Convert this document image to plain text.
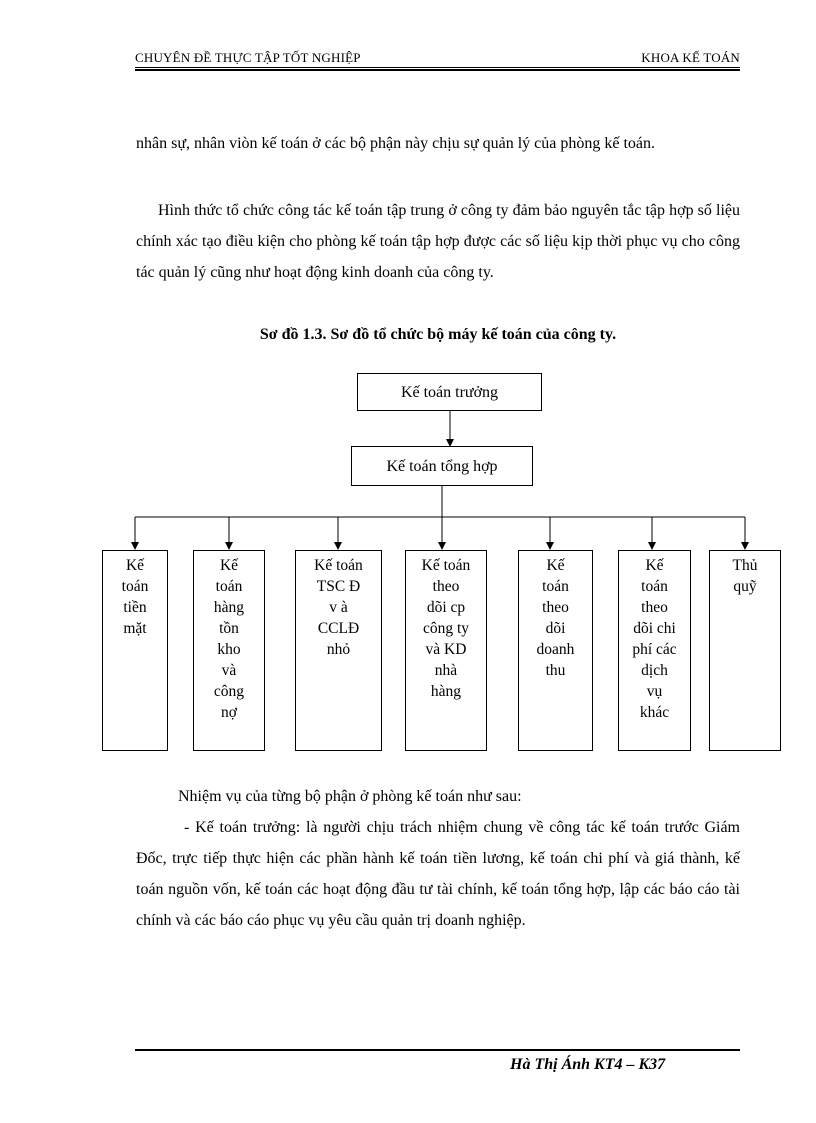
CHUYÊN ĐỀ THỰC TẬP TỐT NGHIỆP	KHOA KẾ TOÁN
nhân sự, nhân viòn kế toán ở các bộ phận này chịu sự quản lý của phòng kế toán.
Hình thức tổ chức công tác kế toán tập trung ở công ty đảm bảo nguyên tắc tập hợp số liệu chính xác tạo điều kiện cho phòng kế toán tập hợp được các số liệu kịp thời phục vụ cho công tác quản lý cũng như hoạt động kinh doanh của công ty.
Sơ đồ 1.3. Sơ đồ tổ chức bộ máy kế toán của công ty.
Kế toán trưởng
Kế toán tổng hợp
Kế
toán
tiền
mặt
Kế
toán
hàng
tồn
kho
và
công
nợ
Kế toán
TSC Đ
v à
CCLĐ
nhỏ
Kế toán
theo
dõi cp
công ty
và KD
nhà
hàng
Kế
toán
theo
dõi
doanh
thu
Kế
toán
theo
dõi chi
phí các
dịch
vụ
khác
Thủ
quỹ
Nhiệm vụ của từng bộ phận ở phòng kế toán như sau:
- Kế toán trưởng: là người chịu trách nhiệm chung về công tác kế toán trước Giám Đốc, trực tiếp thực hiện các phần hành kế toán tiền lương, kế toán chi phí và giá thành, kế toán nguồn vốn, kế toán các hoạt động đầu tư tài chính, kế toán tổng hợp, lập các báo cáo tài chính và các báo cáo phục vụ yêu cầu quản trị doanh nghiệp.
Hà Thị Ánh KT4 – K37
